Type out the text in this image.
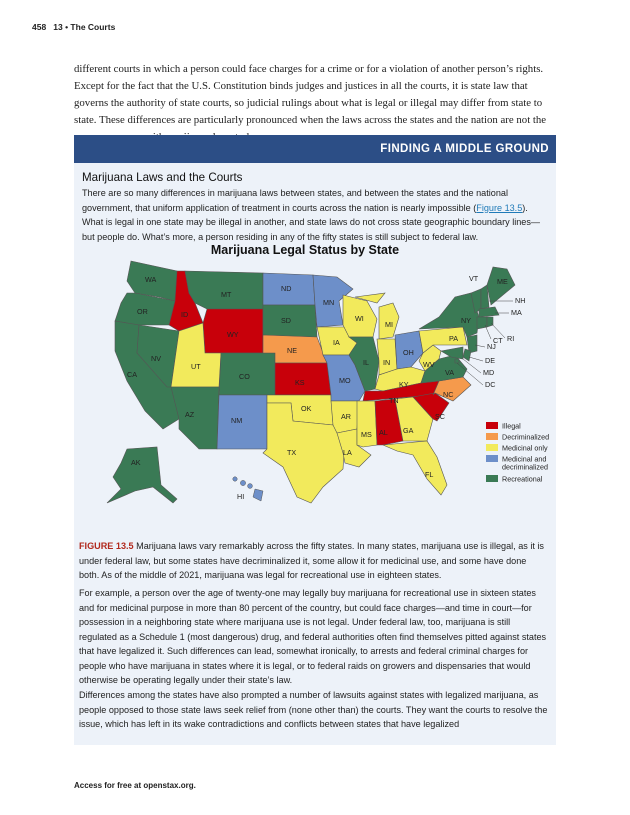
458 13 • The Courts

different courts in which a person could face charges for a crime or for a violation of another person’s rights. Except for the fact that the U.S. Constitution binds judges and justices in all the courts, it is state law that governs the authority of state courts, so judicial rulings about what is legal or illegal may differ from state to state. These differences are particularly pronounced when the laws across the states and the nation are not the

FINDING A MIDDLE GROUND

Marijuana Laws and the Courts

There are so many differences in marijuana laws between states, and between the states and the national government, that uniform application of treatment in courts across the nation is nearly impossible (Figure 13.5). What is legal in one state may be illegal in another, and state laws do not cross state geographic boundary lines—but people do. What’s more, a person residing in any of the fifty states is still subject to federal law.

Marijuana Legal Status by State
WA
OR
CA
NV
ID
MT
WY
UT
CO
AZ
NM
ND
SD
NE
KS
OK
TX
MN
IA
MO
AR
LA
WI
IL
MI
IN
OH
KY
TN
MS AL GA
FL
SC
NC
VA
WV
PA
NY
VT	ME
NH
MA
CT RI
NJ
DE
MD
DC
AK
HI
Illegal
Decriminalized
Medicinal only
Medicinal and
decriminalized
Recreational

FIGURE 13.5 Marijuana laws vary remarkably across the fifty states. In many states, marijuana use is illegal, as it is under federal law, but some states have decriminalized it, some allow it for medicinal use, and some have done both. As of the middle of 2021, marijuana was legal for recreational use in eighteen states.

For example, a person over the age of twenty-one may legally buy marijuana for recreational use in sixteen states and for medicinal purpose in more than 80 percent of the country, but could face charges—and time in court—for possession in a neighboring state where marijuana use is not legal. Under federal law, too, marijuana is still regulated as a Schedule 1 (most dangerous) drug, and federal authorities often find themselves pitted against states that have legalized it. Such differences can lead, somewhat ironically, to arrests and federal criminal charges for people who have marijuana in states where it is legal, or to federal raids on growers and dispensaries that would otherwise be operating legally under their state’s law.

Differences among the states have also prompted a number of lawsuits against states with legalized marijuana, as people opposed to those state laws seek relief from (none other than) the courts. They want the courts to resolve the issue, which has left in its wake contradictions and conflicts between states that have legalized

Access for free at openstax.org.
